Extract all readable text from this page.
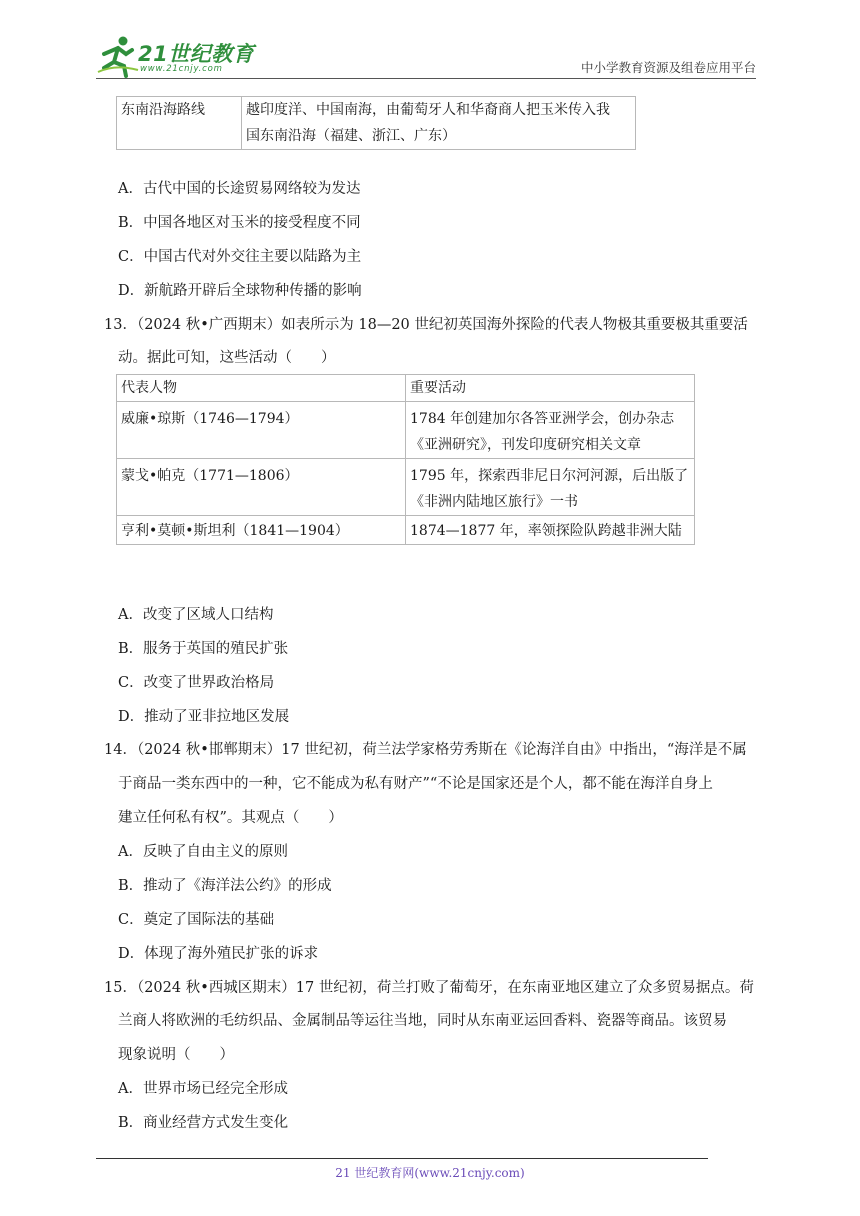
21世纪教育
www.21cnjy.com	中小学教育资源及组卷应用平台
东南沿海路线	越印度洋、中国南海，由葡萄牙人和华裔商人把玉米传入我
国东南沿海（福建、浙江、广东）
A．古代中国的长途贸易网络较为发达
B．中国各地区对玉米的接受程度不同
C．中国古代对外交往主要以陆路为主
D．新航路开辟后全球物种传播的影响
13．（2024 秋•广西期末）如表所示为 18—20 世纪初英国海外探险的代表人物极其重要极其重要活
动。据此可知，这些活动（　　）
代表人物	重要活动

威廉•琼斯（1746—1794）	1784 年创建加尔各答亚洲学会，创办杂志
《亚洲研究》，刊发印度研究相关文章

蒙戈•帕克（1771—1806）	1795 年，探索西非尼日尔河河源，后出版了
《非洲内陆地区旅行》一书

亨利•莫顿•斯坦利（1841—1904）	1874—1877 年，率领探险队跨越非洲大陆
A．改变了区域人口结构
B．服务于英国的殖民扩张
C．改变了世界政治格局
D．推动了亚非拉地区发展
14．（2024 秋•邯郸期末）17 世纪初，荷兰法学家格劳秀斯在《论海洋自由》中指出，“海洋是不属
于商品一类东西中的一种，它不能成为私有财产”“不论是国家还是个人，都不能在海洋自身上
建立任何私有权”。其观点（　　）
A．反映了自由主义的原则
B．推动了《海洋法公约》的形成
C．奠定了国际法的基础
D．体现了海外殖民扩张的诉求
15．（2024 秋•西城区期末）17 世纪初，荷兰打败了葡萄牙，在东南亚地区建立了众多贸易据点。荷
兰商人将欧洲的毛纺织品、金属制品等运往当地，同时从东南亚运回香料、瓷器等商品。该贸易
现象说明（　　）
A．世界市场已经完全形成
B．商业经营方式发生变化
21 世纪教育网(www.21cnjy.com)
